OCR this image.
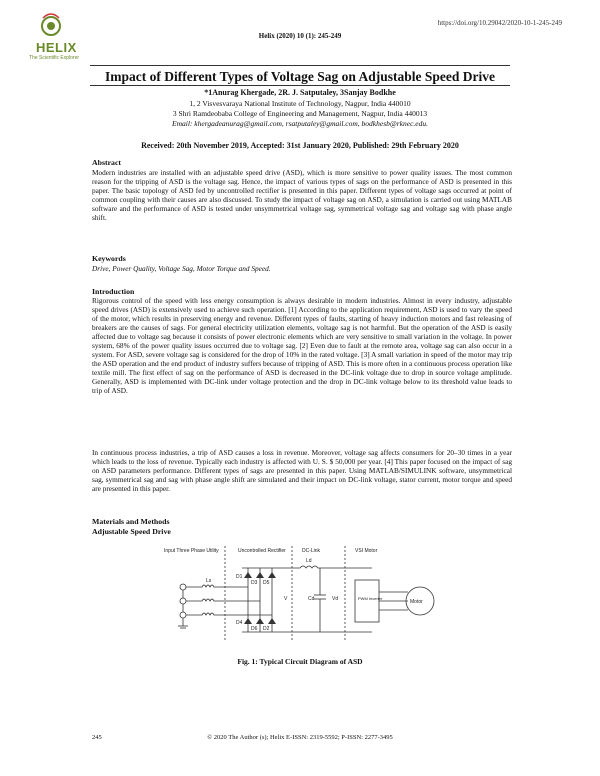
HELIX
The Scientific Explorer
https://doi.org/10.29042/2020-10-1-245-249
Helix (2020) 10 (1): 245-249
Impact of Different Types of Voltage Sag on Adjustable Speed Drive
*1Anurag Khergade, 2R. J. Satputaley, 3Sanjay Bodkhe
1, 2 Visvesvaraya National Institute of Technology, Nagpur, India 440010
3 Shri Ramdeobaba College of Engineering and Management, Nagpur, India 440013
Email: khergadeanurag@gmail.com, rsatputaley@gmail.com, bodkhesb@rknec.edu.
Received: 20th November 2019, Accepted: 31st January 2020, Published: 29th February 2020
Abstract
Modern industries are installed with an adjustable speed drive (ASD), which is more sensitive to power quality issues. The most common reason for the tripping of ASD is the voltage sag. Hence, the impact of various types of sags on the performance of ASD is presented in this paper. The basic topology of ASD fed by uncontrolled rectifier is presented in this paper. Different types of voltage sags occurred at point of common coupling with their causes are also discussed. To study the impact of voltage sag on ASD, a simulation is carried out using MATLAB software and the performance of ASD is tested under unsymmetrical voltage sag, symmetrical voltage sag and voltage sag with phase angle shift.
Keywords
Drive, Power Quality, Voltage Sag, Motor Torque and Speed.
Introduction
Rigorous control of the speed with less energy consumption is always desirable in modern industries. Almost in every industry, adjustable speed drives (ASD) is extensively used to achieve such operation. [1] According to the application requirement, ASD is used to vary the speed of the motor, which results in preserving energy and revenue. Different types of faults, starting of heavy induction motors and fast releasing of breakers are the causes of sags. For general electricity utilization elements, voltage sag is not harmful. But the operation of the ASD is easily affected due to voltage sag because it consists of power electronic elements which are very sensitive to small variation in the voltage. In power system, 68% of the power quality issues occurred due to voltage sag. [2] Even due to fault at the remote area, voltage sag can also occur in a system. For ASD, severe voltage sag is considered for the drop of 10% in the rated voltage. [3] A small variation in speed of the motor may trip the ASD operation and the end product of industry suffers because of tripping of ASD. This is more often in a continuous process operation like textile mill. The first effect of sag on the performance of ASD is decreased in the DC-link voltage due to drop in source voltage amplitude. Generally, ASD is implemented with DC-link under voltage protection and the drop in DC-link voltage below to its threshold value leads to trip of ASD.
In continuous process industries, a trip of ASD causes a loss in revenue. Moreover, voltage sag affects consumers for 20–30 times in a year which leads to the loss of revenue. Typically each industry is affected with U. S. $ 50,000 per year. [4] This paper focused on the impact of sag on ASD parameters performance. Different types of sags are presented in this paper. Using MATLAB/SIMULINK software, unsymmetrical sag, symmetrical sag and sag with phase angle shift are simulated and their impact on DC-link voltage, stator current, motor torque and speed are presented in this paper.
Materials and Methods
Adjustable Speed Drive
Input Three Phase Utility	Uncontrolled Rectifier	DC-Link	VSI Motor
PWM Inverter
Motor
Ls
Ld
Cd	Vd
V
D1
D3 D5
D4
D6 D2
Fig. 1: Typical Circuit Diagram of ASD
245	© 2020 The Author (s); Helix E-ISSN: 2319-5592; P-ISSN: 2277-3495
